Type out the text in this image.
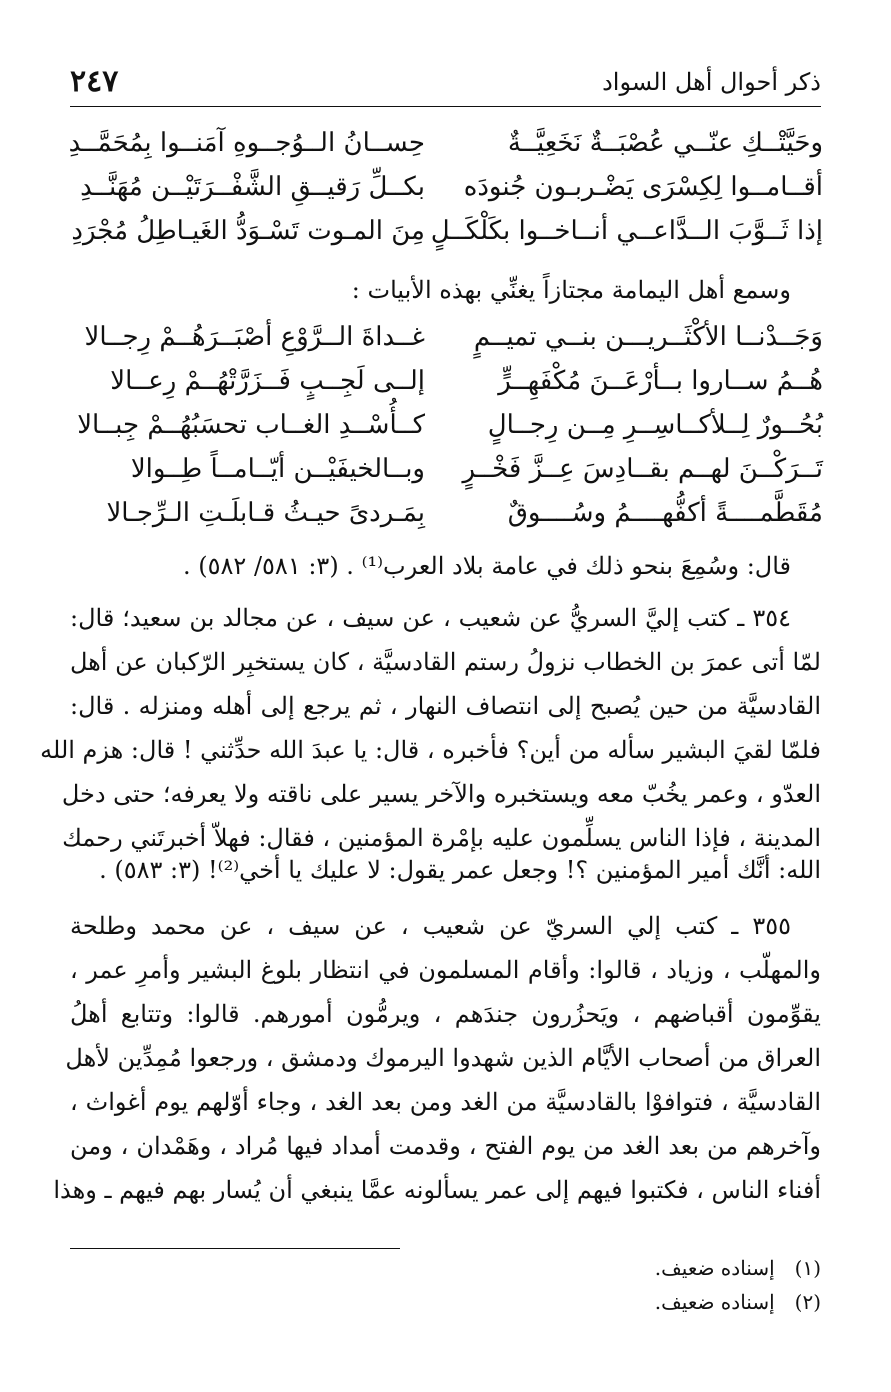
ذكر أحوال أهل السواد
٢٤٧
وحَيَّتْــكِ عنّــي عُصْبَــةٌ نَخَعِيَّــةٌ
حِســانُ الــوُجــوهِ آمَنــوا بِمُحَمَّــدِ
أقــامــوا لِكِسْرَى يَضْـربـون جُنودَه
بكــلِّ رَقيــقِ الشَّفْــرَتَيْــن مُهَنَّــدِ
إذا ثَــوَّبَ الــدَّاعــي أنــاخــوا بكَلْكَــلٍ
مِنَ المـوت تَسْـوَدُّ الغَيـاطِلُ مُجْرَدِ
وسمع أهل اليمامة مجتازاً يغنِّي بهذه الأبيات :
وَجَــدْنــا الأكْثَــريـــن بنــي تميــمٍ
غــداةَ الــرَّوْعِ أصْبَــرَهُــمْ رِجــالا
هُــمُ ســاروا بــأرْعَــنَ مُكْفَهِــرٍّ
إلــى لَجِــبٍ فَــزَرَّتْهُــمْ رِعــالا
بُحُــورٌ لِــلأكــاسِــرِ مِــن رِجــالٍ
كــأُسْــدِ الغــاب تحسَبُهُــمْ جِبــالا
تَــرَكْــنَ لهــم بقــادِسَ عِــزَّ فَخْــرٍ
وبــالخيفَيْــن أيّــامــاً طِــوالا
مُقَطَّمــــةً أكفُّهــــمُ وسُــــوقٌ
بِمَـردىً حيـثُ قـابلَـتِ الـرِّجـالا
قال: وسُمِعَ بنحو ذلك في عامة بلاد العرب⁽¹⁾ . (٣: ٥٨١/ ٥٨٢) .
٣٥٤ ـ كتب إليَّ السريُّ عن شعيب ، عن سيف ، عن مجالد بن سعيد؛ قال:
لمّا أتى عمرَ بن الخطاب نزولُ رستم القادسيَّة ، كان يستخبِر الرّكبان عن أهل
القادسيَّة من حين يُصبح إلى انتصاف النهار ، ثم يرجع إلى أهله ومنزله . قال:
فلمّا لقيَ البشير سأله من أين؟ فأخبره ، قال: يا عبدَ الله حدِّثني ! قال: هزم الله
العدّو ، وعمر يخُبّ معه ويستخبره والآخر يسير على ناقته ولا يعرفه؛ حتى دخل
المدينة ، فإذا الناس يسلِّمون عليه بإمْرة المؤمنين ، فقال: فهلاّ أخبرتَني رحمك
الله: أنَّك أمير المؤمنين ؟! وجعل عمر يقول: لا عليك يا أخي⁽²⁾! (٣: ٥٨٣) .
٣٥٥ ـ كتب إلي السريّ عن شعيب ، عن سيف ، عن محمد وطلحة
والمهلّب ، وزياد ، قالوا: وأقام المسلمون في انتظار بلوغ البشير وأمرِ عمر ،
يقوِّمون أقباضهم ، ويَحزُرون جندَهم ، ويرمُّون أمورهم. قالوا: وتتابع أهلُ
العراق من أصحاب الأيَّام الذين شهدوا اليرموك ودمشق ، ورجعوا مُمِدِّين لأهل
القادسيَّة ، فتوافوْا بالقادسيَّة من الغد ومن بعد الغد ، وجاء أوّلهم يوم أغواث ،
وآخرهم من بعد الغد من يوم الفتح ، وقدمت أمداد فيها مُراد ، وهَمْدان ، ومن
أفناء الناس ، فكتبوا فيهم إلى عمر يسألونه عمَّا ينبغي أن يُسار بهم فيهم ـ وهذا
(١) إسناده ضعيف.
(٢) إسناده ضعيف.
